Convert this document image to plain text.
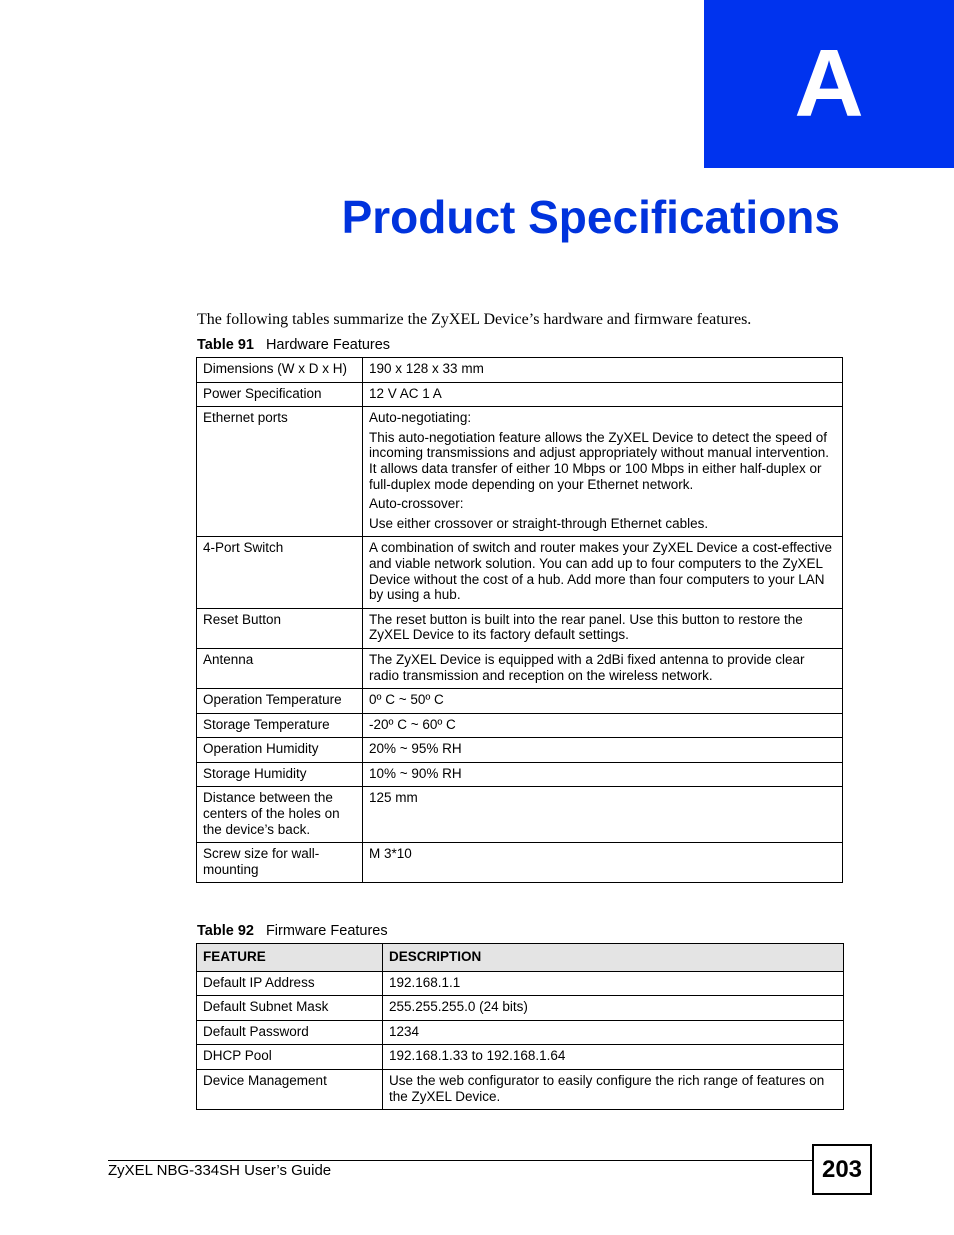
A
Product Specifications
The following tables summarize the ZyXEL Device’s hardware and firmware features.
Table 91 Hardware Features
Dimensions (W x D x H)	190 x 128 x 33 mm

Power Specification	12 V AC 1 A

Ethernet ports	Auto-negotiating:
This auto-negotiation feature allows the ZyXEL Device to detect the speed of incoming transmissions and adjust appropriately without manual intervention. It allows data transfer of either 10 Mbps or 100 Mbps in either half-duplex or full-duplex mode depending on your Ethernet network.
Auto-crossover:
Use either crossover or straight-through Ethernet cables.

4-Port Switch	A combination of switch and router makes your ZyXEL Device a cost-effective and viable network solution. You can add up to four computers to the ZyXEL Device without the cost of a hub. Add more than four computers to your LAN by using a hub.

Reset Button	The reset button is built into the rear panel. Use this button to restore the ZyXEL Device to its factory default settings.

Antenna	The ZyXEL Device is equipped with a 2dBi fixed antenna to provide clear radio transmission and reception on the wireless network.

Operation Temperature	0º C ~ 50º C

Storage Temperature	-20º C ~ 60º C

Operation Humidity	20% ~ 95% RH

Storage Humidity	10% ~ 90% RH

Distance between the centers of the holes on the device’s back.	125 mm

Screw size for wall-mounting	M 3*10
Table 92 Firmware Features
FEATURE	DESCRIPTION
Default IP Address	192.168.1.1
Default Subnet Mask	255.255.255.0 (24 bits)
Default Password	1234
DHCP Pool	192.168.1.33 to 192.168.1.64
Device Management	Use the web configurator to easily configure the rich range of features on the ZyXEL Device.
ZyXEL NBG-334SH User’s Guide	203
